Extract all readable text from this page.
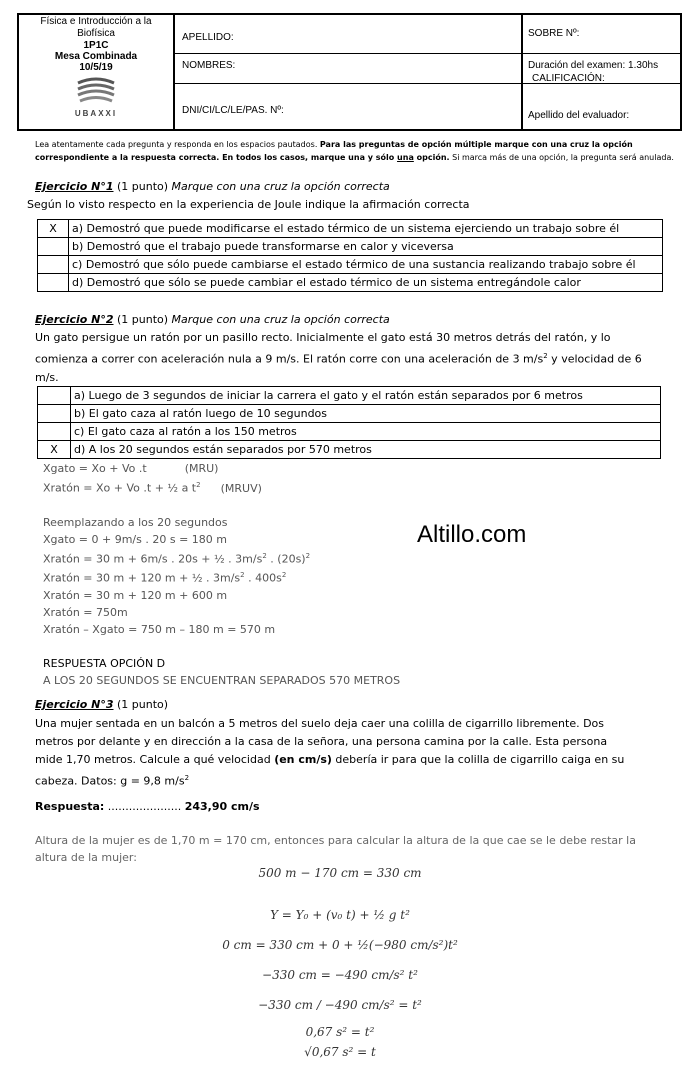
Física e Introducción a la
Biofísica
1P1C
Mesa Combinada
10/5/19
UBAXXI
APELLIDO:
NOMBRES:
DNI/CI/LC/LE/PAS. Nº:
SOBRE Nº:
Duración del examen: 1.30hs
CALIFICACIÓN:
Apellido del evaluador:
Lea atentamente cada pregunta y responda en los espacios pautados. Para las preguntas de opción múltiple marque con una cruz la opción correspondiente a la respuesta correcta. En todos los casos, marque una y sólo una opción. Si marca más de una opción, la pregunta será anulada.
Ejercicio N°1 (1 punto) Marque con una cruz la opción correcta
Según lo visto respecto en la experiencia de Joule indique la afirmación correcta
X	a) Demostró que puede modificarse el estado térmico de un sistema ejerciendo un trabajo sobre él
	b) Demostró que el trabajo puede transformarse en calor y viceversa
	c) Demostró que sólo puede cambiarse el estado térmico de una sustancia realizando trabajo sobre él
	d) Demostró que sólo se puede cambiar el estado térmico de un sistema entregándole calor
Ejercicio N°2 (1 punto) Marque con una cruz la opción correcta
Un gato persigue un ratón por un pasillo recto. Inicialmente el gato está 30 metros detrás del ratón, y lo
comienza a correr con aceleración nula a 9 m/s. El ratón corre con una aceleración de 3 $m/s^2$ y velocidad de 6
m/s.
	a) Luego de 3 segundos de iniciar la carrera el gato y el ratón están separados por 6 metros
	b) El gato caza al ratón luego de 10 segundos
	c) El gato caza al ratón a los 150 metros
X	d) A los 20 segundos están separados por 570 metros
Xgato = Xo + Vo .t	(MRU)
Xratón = Xo + Vo .t + ½ a $t^2$ (MRUV)
Reemplazando a los 20 segundos
Xgato = 0 + 9m/s . 20 s = 180 m
Xratón = 30 m + 6m/s . 20s + ½ . $3m/s^2$ . $(20s)^2$
Xratón = 30 m + 120 m + ½ . $3m/s^2$ . $400s^2$
Xratón = 30 m + 120 m + 600 m
Xratón = 750m
Xratón – Xgato = 750 m – 180 m = 570 m
RESPUESTA OPCIÓN D
A LOS 20 SEGUNDOS SE ENCUENTRAN SEPARADOS 570 METROS
Altillo.com
Ejercicio N°3 (1 punto)
Una mujer sentada en un balcón a 5 metros del suelo deja caer una colilla de cigarrillo libremente. Dos
metros por delante y en dirección a la casa de la señora, una persona camina por la calle. Esta persona
mide 1,70 metros. Calcule a qué velocidad (en cm/s) debería ir para que la colilla de cigarrillo caiga en su
cabeza. Datos: g = 9,8 $m/s^2$
Respuesta: ..................... 243,90 cm/s
Altura de la mujer es de 1,70 m = 170 cm, entonces para calcular la altura de la que cae se le debe restar la
altura de la mujer:
500 m − 170 cm = 330 cm
Y = Y₀ + (v₀ t) + ½ g t²
0 cm = 330 cm + 0 + ½(−980 cm/s²)t²
−330 cm = −490 cm/s² t²
−330 cm / −490 cm/s² = t²
0,67 s² = t²
√0,67 s² = t
